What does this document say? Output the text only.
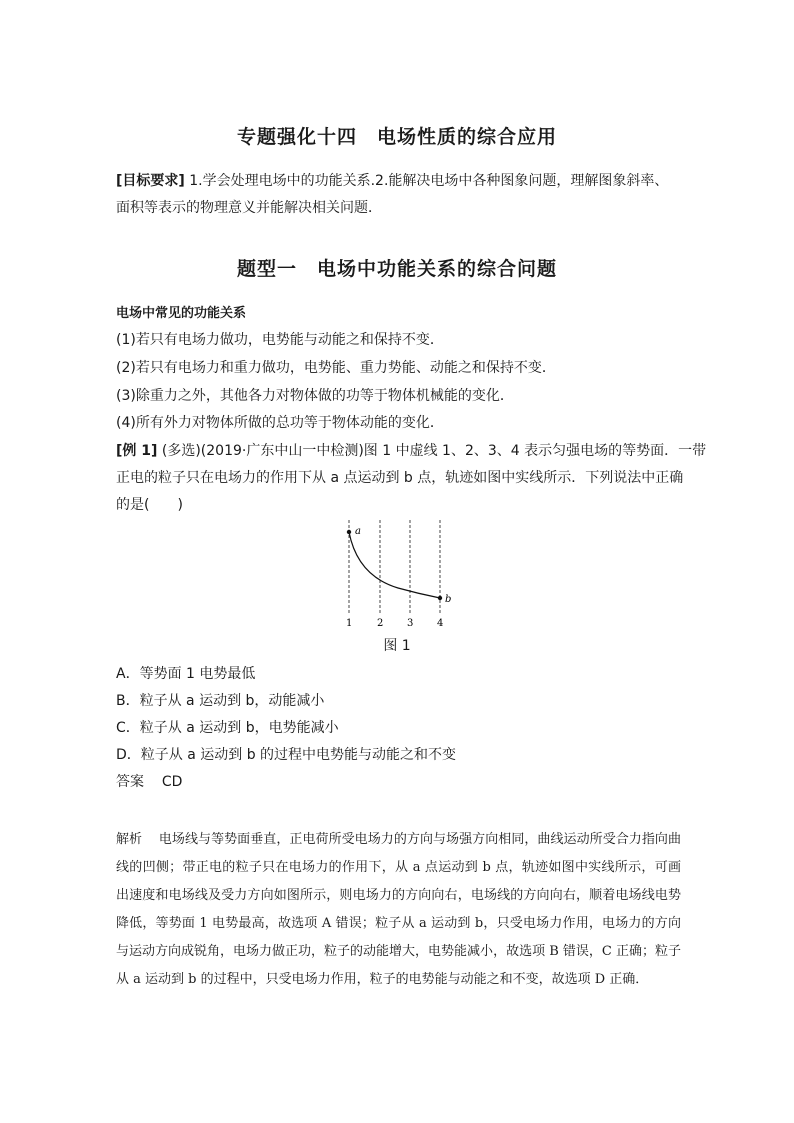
专题强化十四　电场性质的综合应用
[目标要求] 1.学会处理电场中的功能关系.2.能解决电场中各种图象问题，理解图象斜率、面积等表示的物理意义并能解决相关问题．
题型一　电场中功能关系的综合问题
电场中常见的功能关系
(1)若只有电场力做功，电势能与动能之和保持不变．
(2)若只有电场力和重力做功，电势能、重力势能、动能之和保持不变．
(3)除重力之外，其他各力对物体做的功等于物体机械能的变化．
(4)所有外力对物体所做的总功等于物体动能的变化．
[例 1] (多选)(2019·广东中山一中检测)图 1 中虚线 1、2、3、4 表示匀强电场的等势面．一带
正电的粒子只在电场力的作用下从 a 点运动到 b 点，轨迹如图中实线所示．下列说法中正确
的是(　　)
a
b
1 2 3 4
图 1
A．等势面 1 电势最低
B．粒子从 a 运动到 b，动能减小
C．粒子从 a 运动到 b，电势能减小
D．粒子从 a 运动到 b 的过程中电势能与动能之和不变
答案 CD
解析 电场线与等势面垂直，正电荷所受电场力的方向与场强方向相同，曲线运动所受合力指向曲线的凹侧；带正电的粒子只在电场力的作用下，从 a 点运动到 b 点，轨迹如图中实线所示，可画出速度和电场线及受力方向如图所示，则电场力的方向向右，电场线的方向向右，顺着电场线电势降低，等势面 1 电势最高，故选项 A 错误；粒子从 a 运动到 b，只受电场力作用，电场力的方向与运动方向成锐角，电场力做正功，粒子的动能增大，电势能减小，故选项 B 错误，C 正确；粒子从 a 运动到 b 的过程中，只受电场力作用，粒子的电势能与动能之和不变，故选项 D 正确．
